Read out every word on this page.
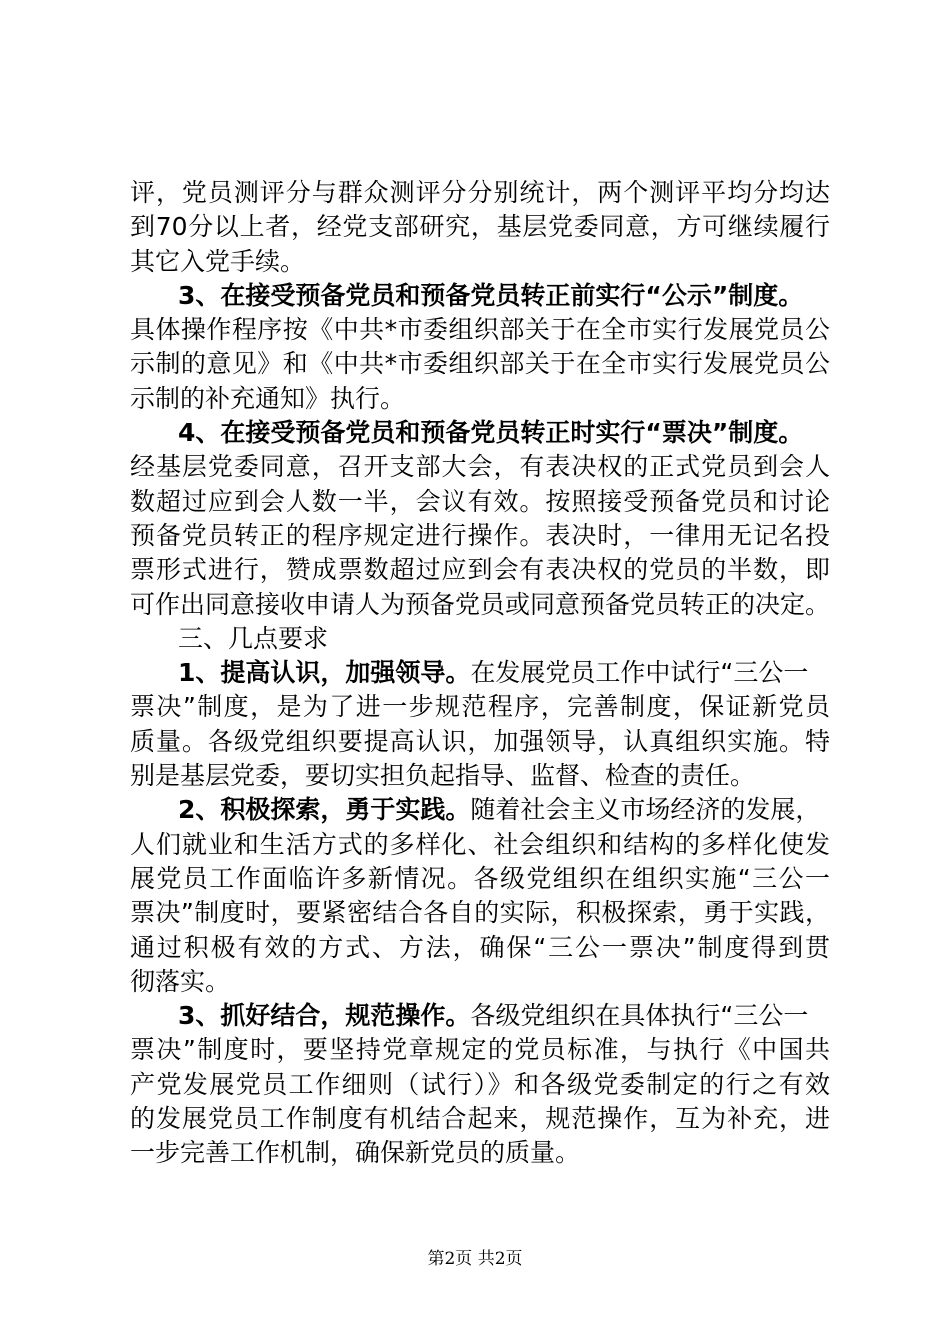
评，党员测评分与群众测评分分别统计，两个测评平均分均达
到70分以上者，经党支部研究，基层党委同意，方可继续履行
其它入党手续。
3、在接受预备党员和预备党员转正前实行“公示”制度。
具体操作程序按《中共*市委组织部关于在全市实行发展党员公
示制的意见》和《中共*市委组织部关于在全市实行发展党员公
示制的补充通知》执行。
4、在接受预备党员和预备党员转正时实行“票决”制度。
经基层党委同意，召开支部大会，有表决权的正式党员到会人
数超过应到会人数一半，会议有效。按照接受预备党员和讨论
预备党员转正的程序规定进行操作。表决时，一律用无记名投
票形式进行，赞成票数超过应到会有表决权的党员的半数，即
可作出同意接收申请人为预备党员或同意预备党员转正的决定。
三、几点要求
1、提高认识，加强领导。在发展党员工作中试行“三公一
票决”制度，是为了进一步规范程序，完善制度，保证新党员
质量。各级党组织要提高认识，加强领导，认真组织实施。特
别是基层党委，要切实担负起指导、监督、检查的责任。
2、积极探索，勇于实践。随着社会主义市场经济的发展，
人们就业和生活方式的多样化、社会组织和结构的多样化使发
展党员工作面临许多新情况。各级党组织在组织实施“三公一
票决”制度时，要紧密结合各自的实际，积极探索，勇于实践，
通过积极有效的方式、方法，确保“三公一票决”制度得到贯
彻落实。
3、抓好结合，规范操作。各级党组织在具体执行“三公一
票决”制度时，要坚持党章规定的党员标准，与执行《中国共
产党发展党员工作细则（试行）》和各级党委制定的行之有效
的发展党员工作制度有机结合起来，规范操作，互为补充，进
一步完善工作机制，确保新党员的质量。
第2页 共2页
